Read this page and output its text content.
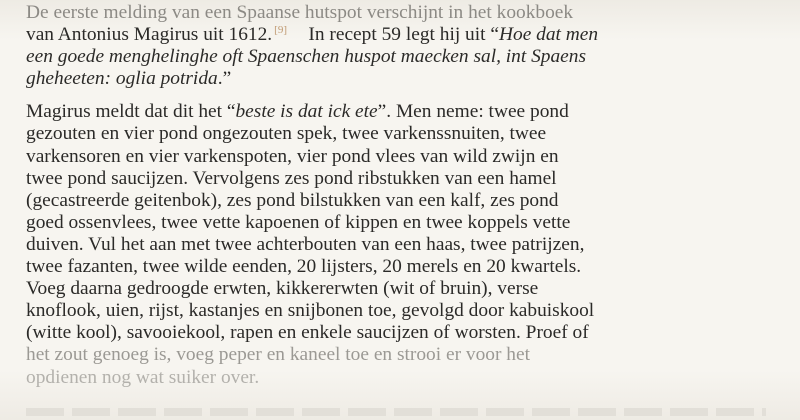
De eerste melding van een Spaanse hutspot verschijnt in het kookboek
van Antonius Magirus uit 1612. [9] In recept 59 legt hij uit “Hoe dat men
een goede menghelinghe oft Spaenschen huspot maecken sal, int Spaens
gheheeten: oglia potrida.”

Magirus meldt dat dit het “beste is dat ick ete”. Men neme: twee pond
gezouten en vier pond ongezouten spek, twee varkenssnuiten, twee
varkensoren en vier varkenspoten, vier pond vlees van wild zwijn en
twee pond saucijzen. Vervolgens zes pond ribstukken van een hamel
(gecastreerde geitenbok), zes pond bilstukken van een kalf, zes pond
goed ossenvlees, twee vette kapoenen of kippen en twee koppels vette
duiven. Vul het aan met twee achterbouten van een haas, twee patrijzen,
twee fazanten, twee wilde eenden, 20 lijsters, 20 merels en 20 kwartels.
Voeg daarna gedroogde erwten, kikkererwten (wit of bruin), verse
knoflook, uien, rijst, kastanjes en snijbonen toe, gevolgd door kabuiskool
(witte kool), savooiekool, rapen en enkele saucijzen of worsten. Proef of
het zout genoeg is, voeg peper en kaneel toe en strooi er voor het
opdienen nog wat suiker over.
